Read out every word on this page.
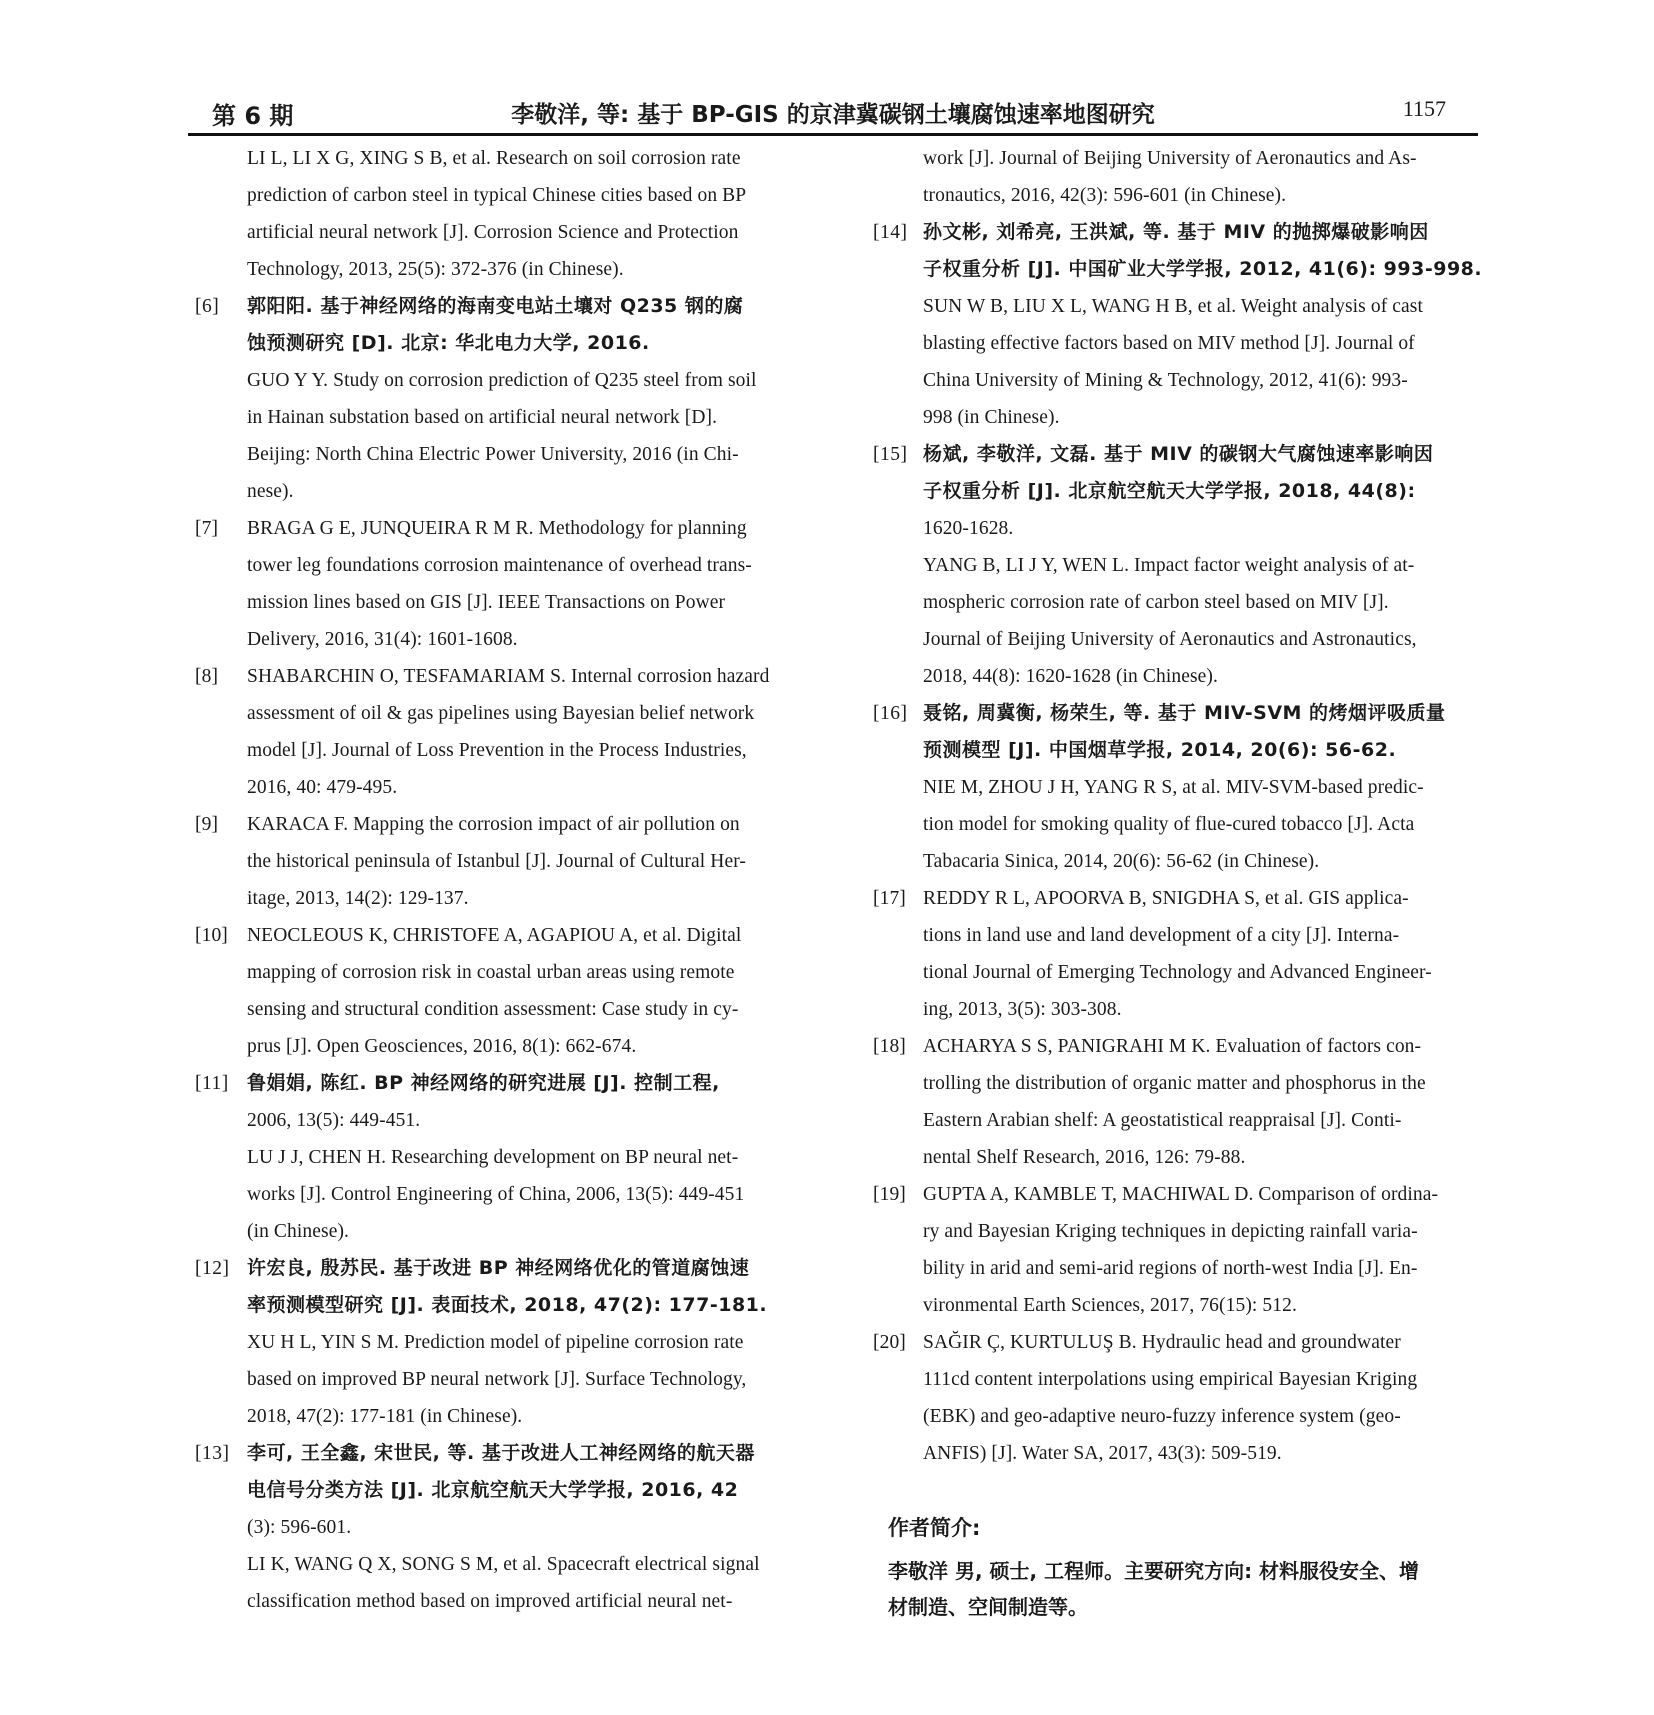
第 6 期	李敬洋, 等: 基于 BP-GIS 的京津冀碳钢土壤腐蚀速率地图研究	1157
LI L, LI X G, XING S B, et al. Research on soil corrosion rate
prediction of carbon steel in typical Chinese cities based on BP
artificial neural network [J]. Corrosion Science and Protection
Technology, 2013, 25(5): 372-376 (in Chinese).
[6]	郭阳阳. 基于神经网络的海南变电站土壤对 Q235 钢的腐
蚀预测研究 [D]. 北京: 华北电力大学, 2016.
GUO Y Y. Study on corrosion prediction of Q235 steel from soil
in Hainan substation based on artificial neural network [D].
Beijing: North China Electric Power University, 2016 (in Chi-
nese).
[7]	BRAGA G E, JUNQUEIRA R M R. Methodology for planning
tower leg foundations corrosion maintenance of overhead trans-
mission lines based on GIS [J]. IEEE Transactions on Power
Delivery, 2016, 31(4): 1601-1608.
[8]	SHABARCHIN O, TESFAMARIAM S. Internal corrosion hazard
assessment of oil & gas pipelines using Bayesian belief network
model [J]. Journal of Loss Prevention in the Process Industries,
2016, 40: 479-495.
[9]	KARACA F. Mapping the corrosion impact of air pollution on
the historical peninsula of Istanbul [J]. Journal of Cultural Her-
itage, 2013, 14(2): 129-137.
[10] NEOCLEOUS K, CHRISTOFE A, AGAPIOU A, et al. Digital
mapping of corrosion risk in coastal urban areas using remote
sensing and structural condition assessment: Case study in cy-
prus [J]. Open Geosciences, 2016, 8(1): 662-674.
[11] 鲁娟娟, 陈红. BP 神经网络的研究进展 [J]. 控制工程,
2006, 13(5): 449-451.
LU J J, CHEN H. Researching development on BP neural net-
works [J]. Control Engineering of China, 2006, 13(5): 449-451
(in Chinese).
[12] 许宏良, 殷苏民. 基于改进 BP 神经网络优化的管道腐蚀速
率预测模型研究 [J]. 表面技术, 2018, 47(2): 177-181.
XU H L, YIN S M. Prediction model of pipeline corrosion rate
based on improved BP neural network [J]. Surface Technology,
2018, 47(2): 177-181 (in Chinese).
[13] 李可, 王全鑫, 宋世民, 等. 基于改进人工神经网络的航天器
电信号分类方法 [J]. 北京航空航天大学学报, 2016, 42
(3): 596-601.
LI K, WANG Q X, SONG S M, et al. Spacecraft electrical signal
classification method based on improved artificial neural net-
work [J]. Journal of Beijing University of Aeronautics and As-
tronautics, 2016, 42(3): 596-601 (in Chinese).
[14] 孙文彬, 刘希亮, 王洪斌, 等. 基于 MIV 的抛掷爆破影响因
子权重分析 [J]. 中国矿业大学学报, 2012, 41(6): 993-998.
SUN W B, LIU X L, WANG H B, et al. Weight analysis of cast
blasting effective factors based on MIV method [J]. Journal of
China University of Mining & Technology, 2012, 41(6): 993-
998 (in Chinese).
[15] 杨斌, 李敬洋, 文磊. 基于 MIV 的碳钢大气腐蚀速率影响因
子权重分析 [J]. 北京航空航天大学学报, 2018, 44(8):
1620-1628.
YANG B, LI J Y, WEN L. Impact factor weight analysis of at-
mospheric corrosion rate of carbon steel based on MIV [J].
Journal of Beijing University of Aeronautics and Astronautics,
2018, 44(8): 1620-1628 (in Chinese).
[16] 聂铭, 周冀衡, 杨荣生, 等. 基于 MIV-SVM 的烤烟评吸质量
预测模型 [J]. 中国烟草学报, 2014, 20(6): 56-62.
NIE M, ZHOU J H, YANG R S, at al. MIV-SVM-based predic-
tion model for smoking quality of flue-cured tobacco [J]. Acta
Tabacaria Sinica, 2014, 20(6): 56-62 (in Chinese).
[17] REDDY R L, APOORVA B, SNIGDHA S, et al. GIS applica-
tions in land use and land development of a city [J]. Interna-
tional Journal of Emerging Technology and Advanced Engineer-
ing, 2013, 3(5): 303-308.
[18] ACHARYA S S, PANIGRAHI M K. Evaluation of factors con-
trolling the distribution of organic matter and phosphorus in the
Eastern Arabian shelf: A geostatistical reappraisal [J]. Conti-
nental Shelf Research, 2016, 126: 79-88.
[19] GUPTA A, KAMBLE T, MACHIWAL D. Comparison of ordina-
ry and Bayesian Kriging techniques in depicting rainfall varia-
bility in arid and semi-arid regions of north-west India [J]. En-
vironmental Earth Sciences, 2017, 76(15): 512.
[20] SAĞIR Ç, KURTULUŞ B. Hydraulic head and groundwater
111cd content interpolations using empirical Bayesian Kriging
(EBK) and geo-adaptive neuro-fuzzy inference system (geo-
ANFIS) [J]. Water SA, 2017, 43(3): 509-519.
作者简介:
李敬洋 男, 硕士, 工程师。主要研究方向: 材料服役安全、增
材制造、空间制造等。
